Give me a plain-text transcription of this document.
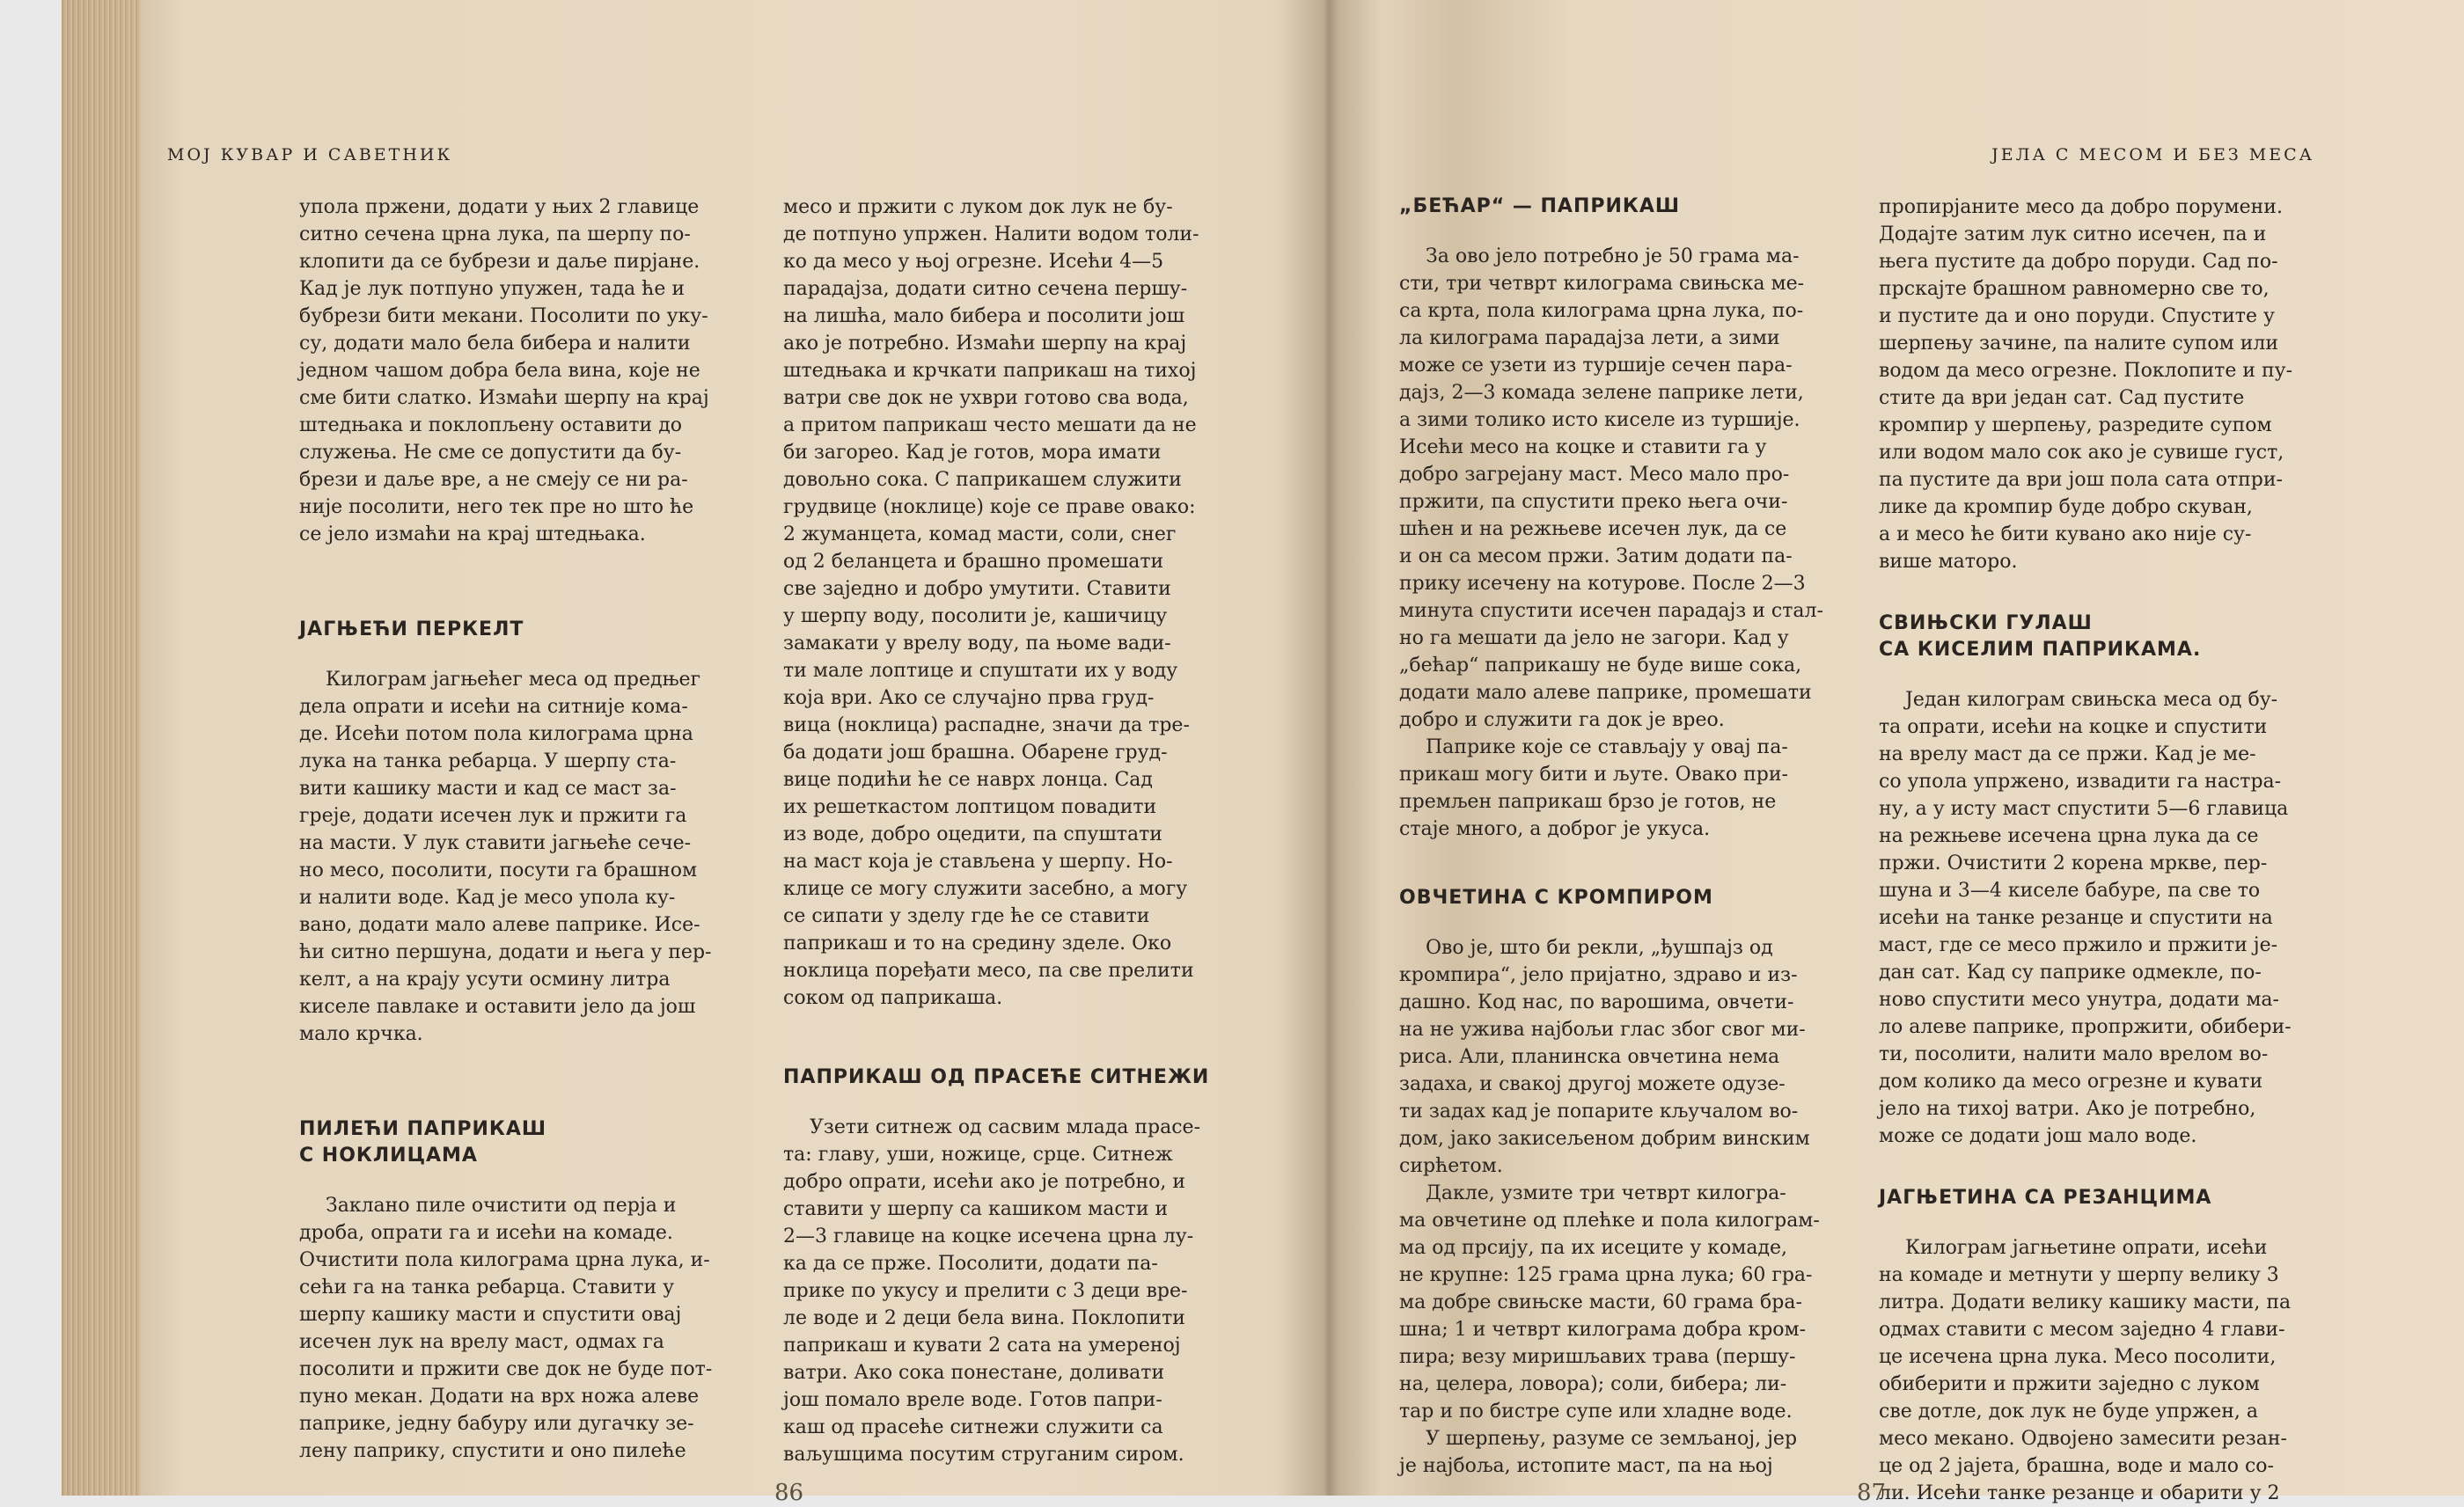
МОЈ КУВАР И САВЕТНИК

упола пржени, додати у њих 2 главице
ситно сечена црна лука, па шерпу по-
клопити да се бубрези и даље пирјане.
Кад је лук потпуно упужен, тада ће и
бубрези бити мекани. Посолити по уку-
су, додати мало бела бибера и налити
једном чашом добра бела вина, које не
сме бити слатко. Измаћи шерпу на крај
штедњака и поклопљену оставити до
служења. Не сме се допустити да бу-
брези и даље вре, а не смеју се ни ра-
није посолити, него тек пре но што ће
се јело измаћи на крај штедњака.

ЈАГЊЕЋИ ПЕРКЕЛТ

Килограм јагњећег меса од предњег
дела опрати и исећи на ситније кома-
де. Исећи потом пола килограма црна
лука на танка ребарца. У шерпу ста-
вити кашику масти и кад се маст за-
греје, додати исечен лук и пржити га
на масти. У лук ставити јагњеће сече-
но месо, посолити, посути га брашном
и налити воде. Кад је месо упола ку-
вано, додати мало алеве паприке. Исе-
ћи ситно першуна, додати и њега у пер-
келт, а на крају усути осмину литра
киселе павлаке и оставити јело да још
мало крчка.

ПИЛЕЋИ ПАПРИКАШ
С НОКЛИЦАМА

Заклано пиле очистити од перја и
дроба, опрати га и исећи на комаде.
Очистити пола килограма црна лука, и-
сећи га на танка ребарца. Ставити у
шерпу кашику масти и спустити овај
исечен лук на врелу маст, одмах га
посолити и пржити све док не буде пот-
пуно мекан. Додати на врх ножа алеве
паприке, једну бабуру или дугачку зе-
лену паприку, спустити и оно пилеће

месо и пржити с луком док лук не бу-
де потпуно упржен. Налити водом толи-
ко да месо у њој огрезне. Исећи 4—5
парадајза, додати ситно сечена першу-
на лишћа, мало бибера и посолити још
ако је потребно. Измаћи шерпу на крај
штедњака и крчкати паприкаш на тихој
ватри све док не ухври готово сва вода,
а притом паприкаш често мешати да не
би загорео. Кад је готов, мора имати
довољно сока. С паприкашем служити
грудвице (ноклице) које се праве овако:
2 жуманцета, комад масти, соли, снег
од 2 беланцета и брашно промешати
све заједно и добро умутити. Ставити
у шерпу воду, посолити је, кашичицу
замакати у врелу воду, па њоме вади-
ти мале лоптице и спуштати их у воду
која ври. Ако се случајно прва груд-
вица (ноклица) распадне, значи да тре-
ба додати још брашна. Обарене груд-
вице подићи ће се навpx лонца. Сад
их решеткастом лоптицом повадити
из воде, добро оцедити, па спуштати
на маст која је стављена у шерпу. Но-
клице се могу служити засебно, а могу
се сипати у зделу где ће се ставити
паприкаш и то на средину зделе. Око
ноклица поређати месо, па све прелити
соком од паприкаша.

ПАПРИКАШ ОД ПРАСЕЋЕ СИТНЕЖИ

Узети ситнеж од сасвим млада прасе-
та: главу, уши, ножице, срце. Ситнеж
добро опрати, исећи ако је потребно, и
ставити у шерпу са кашиком масти и
2—3 главице на коцке исечена црна лу-
ка да се прже. Посолити, додати па-
прике по укусу и прелити с 3 деци вре-
ле воде и 2 деци бела вина. Поклопити
паприкаш и кувати 2 сата на умереној
ватри. Ако сока понестане, доливати
још помало вреле воде. Готов папри-
каш од прасеће ситнежи служити са
ваљушцима посутим струганим сиром.

86
ЈЕЛА С МЕСОМ И БЕЗ МЕСА

„БЕЋАР“ — ПАПРИКАШ

За ово јело потребно је 50 грама ма-
сти, три четврт килограма свињска ме-
са крта, пола килограма црна лука, по-
ла килограма парадајза лети, а зими
може се узети из туршије сечен пара-
дајз, 2—3 комада зелене паприке лети,
а зими толико исто киселе из туршије.
Исећи месо на коцке и ставити га у
добро загрејану маст. Месо мало про-
пржити, па спустити преко њега очи-
шћен и на режњеве исечен лук, да се
и он са месом пржи. Затим додати па-
прику исечену на котурове. После 2—3
минута спустити исечен парадајз и стал-
но га мешати да јело не загори. Кад у
„бећар“ паприкашу не буде више сока,
додати мало алеве паприке, промешати
добро и служити га док је врео.

Паприке које се стављају у овај па-
прикаш могу бити и љуте. Овако при-
премљен паприкаш брзо је готов, не
стаје много, а доброг је укуса.

ОВЧЕТИНА С КРОМПИРОМ

Ово је, што би рекли, „ђушпајз од
кромпира“, јело пријатно, здраво и из-
дашно. Код нас, по варошима, овчети-
на не ужива најбољи глас због свог ми-
риса. Али, планинска овчетина нема
задаха, и свакој другој можете одузе-
ти задах кад је попарите кључалом во-
дом, јако закисељеном добрим винским
сирћетом.

Дакле, узмите три четврт килогра-
ма овчетине од плећке и пола килограм-
ма од прсију, па их исеците у комаде,
не крупне: 125 грама црна лука; 60 гра-
ма добре свињске масти, 60 грама бра-
шна; 1 и четврт килограма добра кром-
пира; везу миришљавих трава (першу-
на, целера, ловора); соли, бибера; ли-
тар и по бистре супе или хладне воде.

У шерпењу, разуме се земљаној, јер
је најбоља, истопите маст, па на њој

пропирјаните месо да добро порумени.
Додајте затим лук ситно исечен, па и
њега пустите да добро поруди. Сад по-
прскајте брашном равномерно све то,
и пустите да и оно поруди. Спустите у
шерпењу зачине, па налите супом или
водом да месо огрезне. Поклопите и пу-
стите да ври један сат. Сад пустите
кромпир у шерпењу, разредите супом
или водом мало сок ако је сувише густ,
па пустите да ври још пола сата отпри-
лике да кромпир буде добро скуван,
а и месо ће бити кувано ако није су-
више маторо.

СВИЊСКИ ГУЛАШ
СА КИСЕЛИМ ПАПРИКАМА.

Један килограм свињска меса од бу-
та опрати, исећи на коцке и спустити
на врелу маст да се пржи. Кад је ме-
со упола упржено, извадити га настра-
ну, а у исту маст спустити 5—6 главица
на режњеве исечена црна лука да се
пржи. Очистити 2 корена мркве, пер-
шуна и 3—4 киселе бабуре, па све то
исећи на танке резанце и спустити на
маст, где се месо пржило и пржити је-
дан сат. Кад су паприке одмекле, по-
ново спустити месо унутра, додати ма-
ло алеве паприке, пропржити, обибери-
ти, посолити, налити мало врелом во-
дом колико да месо огрезне и кувати
јело на тихој ватри. Ако је потребно,
може се додати још мало воде.

ЈАГЊЕТИНА СА РЕЗАНЦИМА

Килограм јагњетине опрати, исећи
на комаде и метнути у шерпу велику 3
литра. Додати велику кашику масти, па
одмах ставити с месом заједно 4 глави-
це исечена црна лука. Месо посолити,
обиберити и пржити заједно с луком
све дотле, док лук не буде упржен, а
месо мекано. Одвојено замесити резан-
це од 2 јајета, брашна, воде и мало со-
ли. Исећи танке резанце и обарити у 2

87
